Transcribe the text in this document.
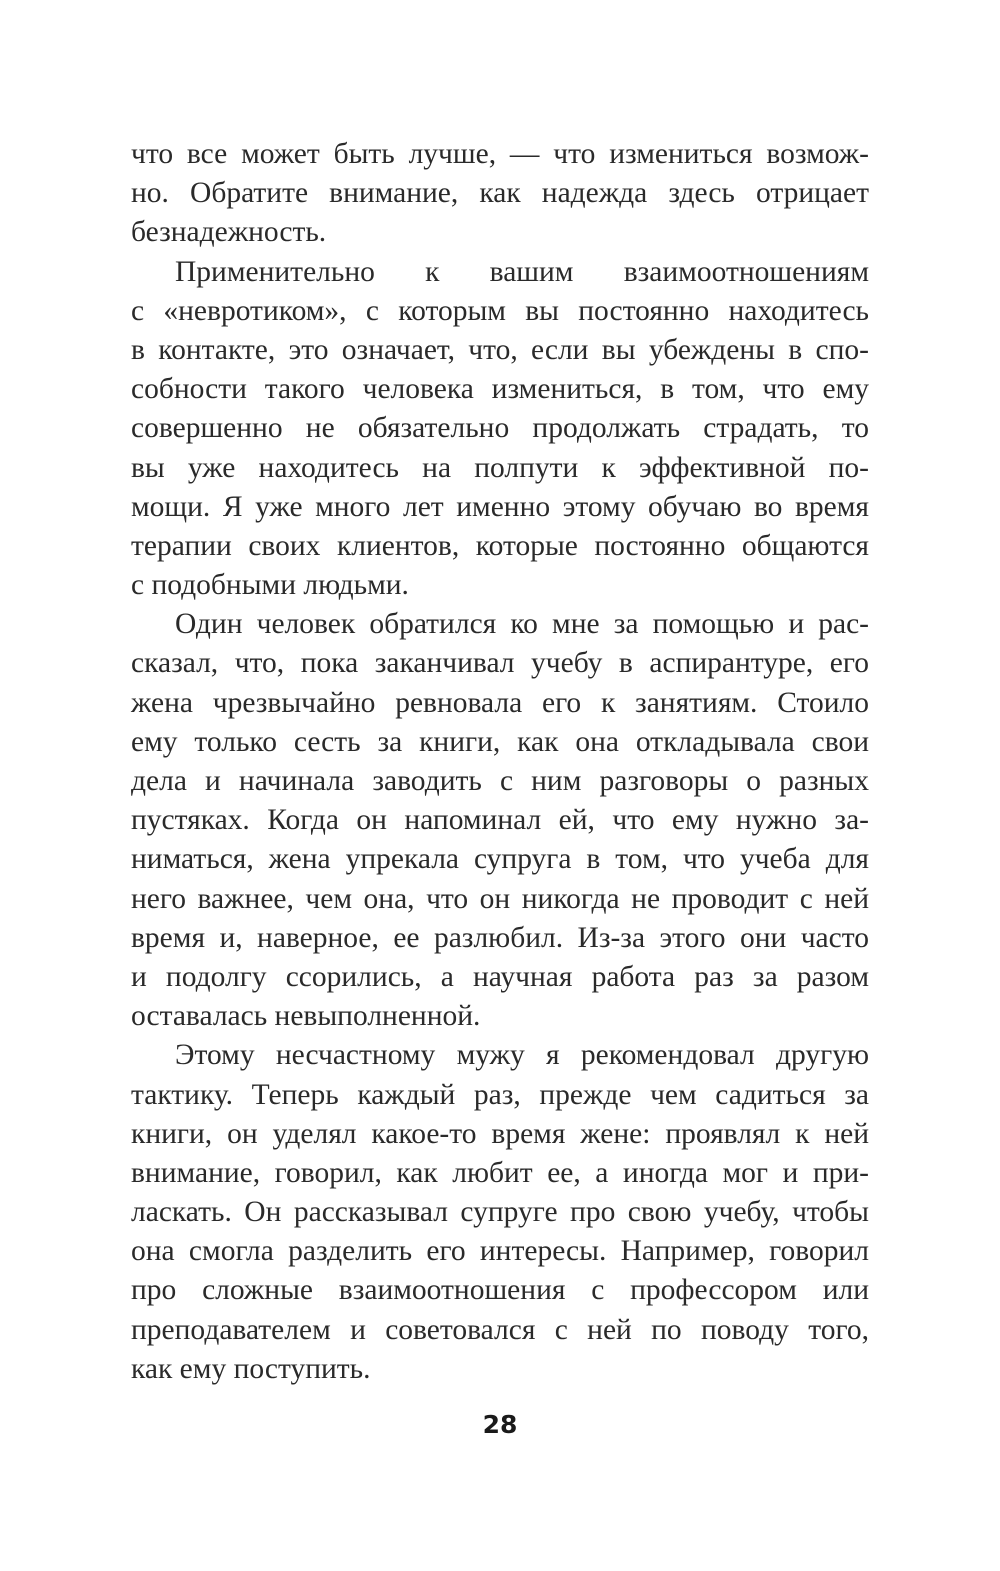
что все может быть лучше, — что измениться возмож-
но. Обратите внимание, как надежда здесь отрицает
безнадежность.
Применительно к вашим взаимоотношениям
с «невротиком», с которым вы постоянно находитесь
в контакте, это означает, что, если вы убеждены в спо-
собности такого человека измениться, в том, что ему
совершенно не обязательно продолжать страдать, то
вы уже находитесь на полпути к эффективной по-
мощи. Я уже много лет именно этому обучаю во время
терапии своих клиентов, которые постоянно общаются
с подобными людьми.
Один человек обратился ко мне за помощью и рас-
сказал, что, пока заканчивал учебу в аспирантуре, его
жена чрезвычайно ревновала его к занятиям. Стоило
ему только сесть за книги, как она откладывала свои
дела и начинала заводить с ним разговоры о разных
пустяках. Когда он напоминал ей, что ему нужно за-
ниматься, жена упрекала супруга в том, что учеба для
него важнее, чем она, что он никогда не проводит с ней
время и, наверное, ее разлюбил. Из-за этого они часто
и подолгу ссорились, а научная работа раз за разом
оставалась невыполненной.
Этому несчастному мужу я рекомендовал другую
тактику. Теперь каждый раз, прежде чем садиться за
книги, он уделял какое-то время жене: проявлял к ней
внимание, говорил, как любит ее, а иногда мог и при-
ласкать. Он рассказывал супруге про свою учебу, чтобы
она смогла разделить его интересы. Например, говорил
про сложные взаимоотношения с профессором или
преподавателем и советовался с ней по поводу того,
как ему поступить.
28
